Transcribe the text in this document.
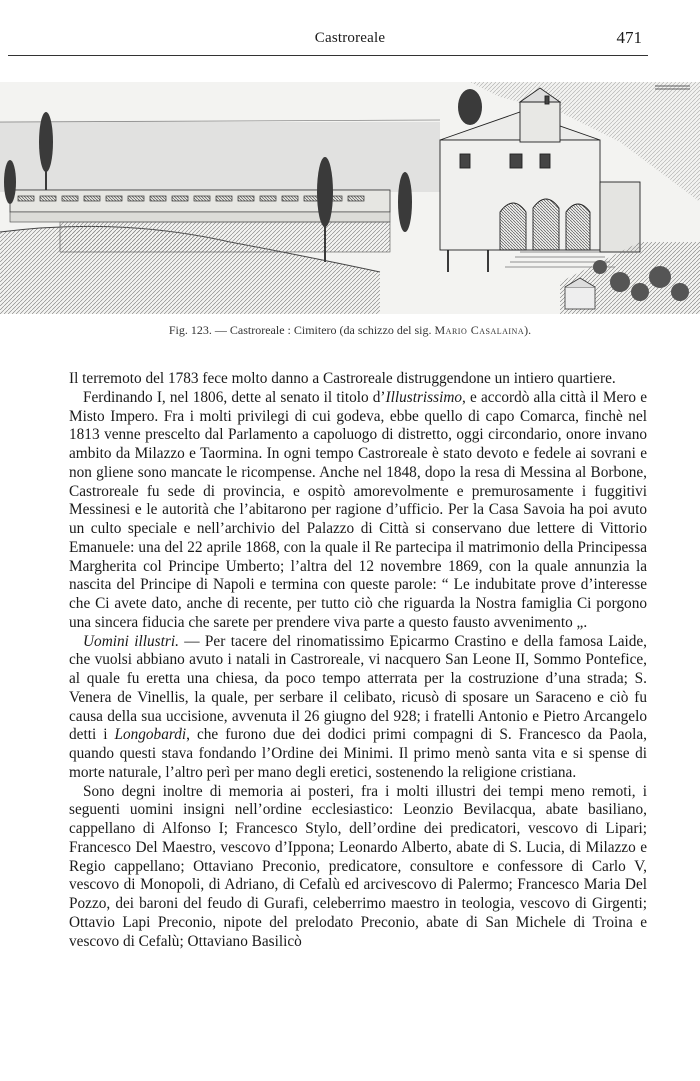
Castroreale	471
Fig. 123. — Castroreale : Cimitero (da schizzo del sig. Mario Casalaina).

Il terremoto del 1783 fece molto danno a Castroreale distruggendone un intiero quartiere.

Ferdinando I, nel 1806, dette al senato il titolo d’Illustrissimo, e accordò alla città il Mero e Misto Impero. Fra i molti privilegi di cui godeva, ebbe quello di capo Comarca, finchè nel 1813 venne prescelto dal Parlamento a capoluogo di distretto, oggi circondario, onore invano ambito da Milazzo e Taormina. In ogni tempo Castroreale è stato devoto e fedele ai sovrani e non gliene sono mancate le ricompense. Anche nel 1848, dopo la resa di Messina al Borbone, Castroreale fu sede di provincia, e ospitò amorevolmente e premurosamente i fuggitivi Messinesi e le autorità che l’abitarono per ragione d’ufficio. Per la Casa Savoia ha poi avuto un culto speciale e nell’archivio del Palazzo di Città si conservano due lettere di Vittorio Emanuele: una del 22 aprile 1868, con la quale il Re partecipa il matrimonio della Principessa Margherita col Principe Umberto; l’altra del 12 novembre 1869, con la quale annunzia la nascita del Principe di Napoli e termina con queste parole: “ Le indubitate prove d’interesse che Ci avete dato, anche di recente, per tutto ciò che riguarda la Nostra famiglia Ci porgono una sincera fiducia che sarete per prendere viva parte a questo fausto avvenimento „.

Uomini illustri. — Per tacere del rinomatissimo Epicarmo Crastino e della famosa Laide, che vuolsi abbiano avuto i natali in Castroreale, vi nacquero San Leone II, Sommo Pontefice, al quale fu eretta una chiesa, da poco tempo atterrata per la costruzione d’una strada; S. Venera de Vinellis, la quale, per serbare il celibato, ricusò di sposare un Saraceno e ciò fu causa della sua uccisione, avvenuta il 26 giugno del 928; i fratelli Antonio e Pietro Arcangelo detti i Longobardi, che furono due dei dodici primi compagni di S. Francesco da Paola, quando questi stava fondando l’Ordine dei Minimi. Il primo menò santa vita e si spense di morte naturale, l’altro perì per mano degli eretici, sostenendo la religione cristiana.

Sono degni inoltre di memoria ai posteri, fra i molti illustri dei tempi meno remoti, i seguenti uomini insigni nell’ordine ecclesiastico: Leonzio Bevilacqua, abate basiliano, cappellano di Alfonso I; Francesco Stylo, dell’ordine dei predicatori, vescovo di Lipari; Francesco Del Maestro, vescovo d’Ippona; Leonardo Alberto, abate di S. Lucia, di Milazzo e Regio cappellano; Ottaviano Preconio, predicatore, consultore e confessore di Carlo V, vescovo di Monopoli, di Adriano, di Cefalù ed arcivescovo di Palermo; Francesco Maria Del Pozzo, dei baroni del feudo di Gurafi, celeberrimo maestro in teologia, vescovo di Girgenti; Ottavio Lapi Preconio, nipote del prelodato Preconio, abate di San Michele di Troina e vescovo di Cefalù; Ottaviano Basilicò
